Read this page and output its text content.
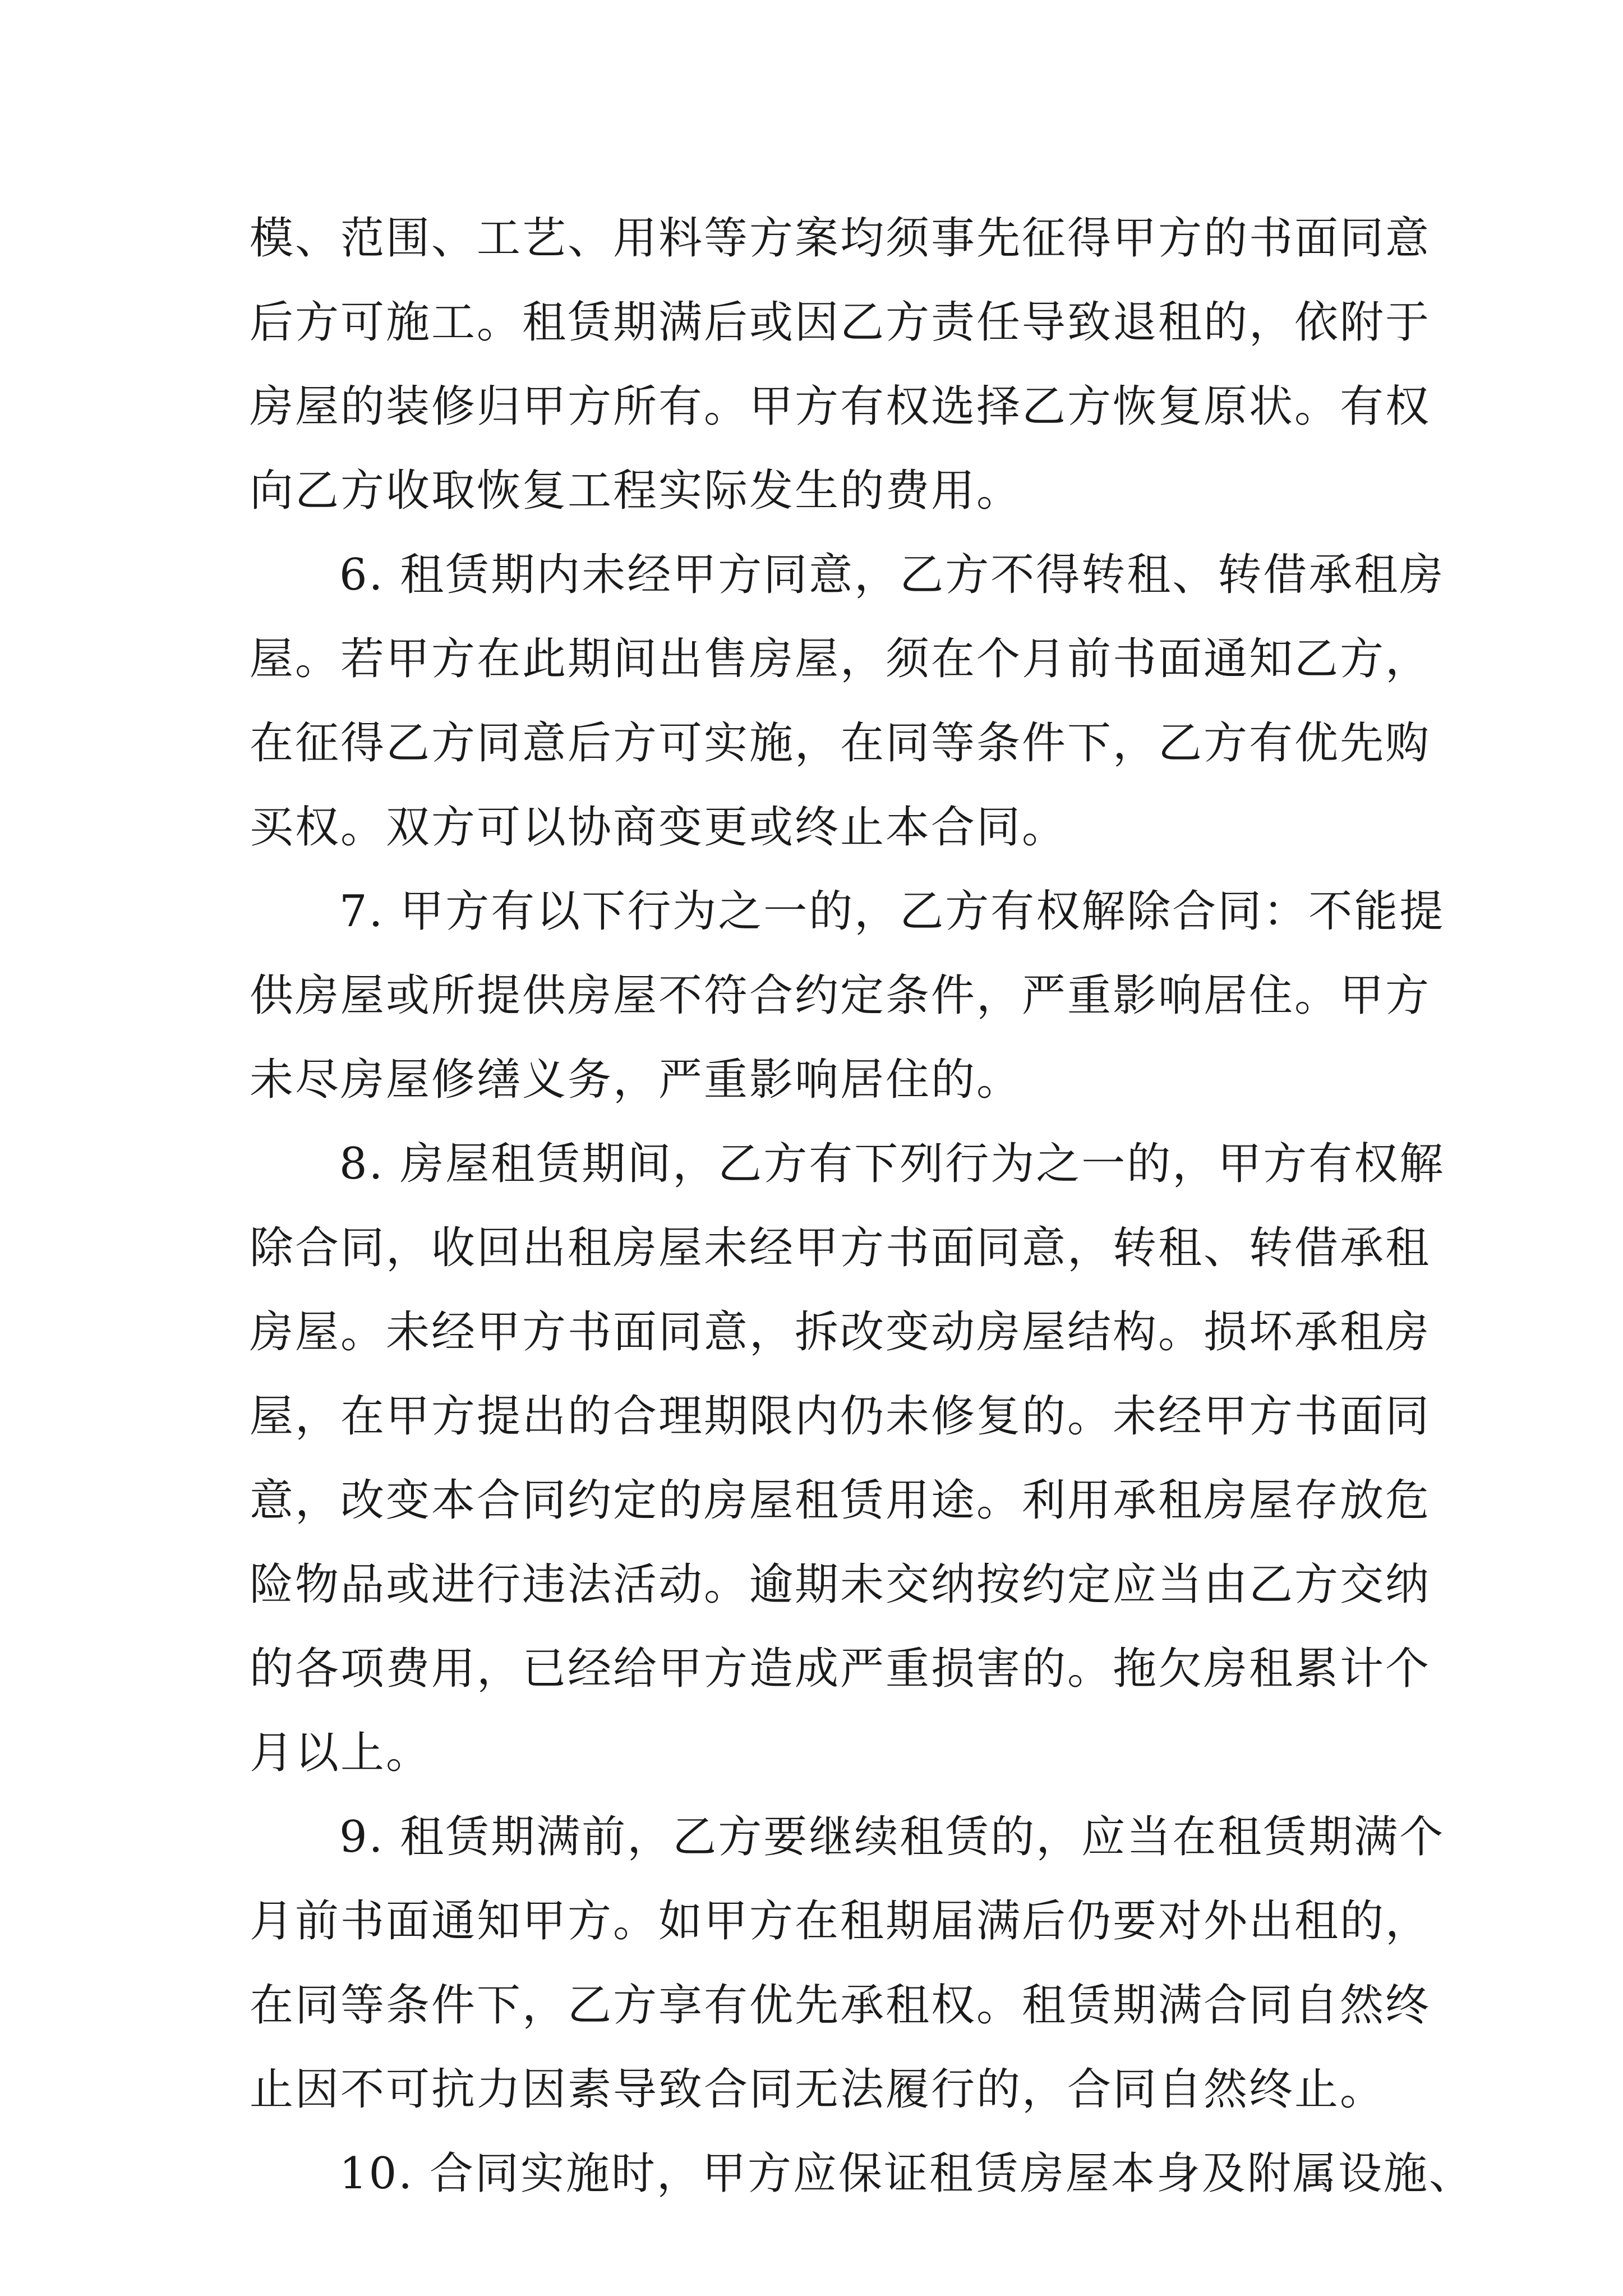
模、范围、工艺、用料等方案均须事先征得甲方的书面同意
后方可施工。租赁期满后或因乙方责任导致退租的，依附于
房屋的装修归甲方所有。甲方有权选择乙方恢复原状。有权
向乙方收取恢复工程实际发生的费用。
6. 租赁期内未经甲方同意，乙方不得转租、转借承租房
屋。若甲方在此期间出售房屋，须在个月前书面通知乙方，
在征得乙方同意后方可实施，在同等条件下，乙方有优先购
买权。双方可以协商变更或终止本合同。
7. 甲方有以下行为之一的，乙方有权解除合同：不能提
供房屋或所提供房屋不符合约定条件，严重影响居住。甲方
未尽房屋修缮义务，严重影响居住的。
8. 房屋租赁期间，乙方有下列行为之一的，甲方有权解
除合同，收回出租房屋未经甲方书面同意，转租、转借承租
房屋。未经甲方书面同意，拆改变动房屋结构。损坏承租房
屋，在甲方提出的合理期限内仍未修复的。未经甲方书面同
意，改变本合同约定的房屋租赁用途。利用承租房屋存放危
险物品或进行违法活动。逾期未交纳按约定应当由乙方交纳
的各项费用，已经给甲方造成严重损害的。拖欠房租累计个
月以上。
9. 租赁期满前，乙方要继续租赁的，应当在租赁期满个
月前书面通知甲方。如甲方在租期届满后仍要对外出租的，
在同等条件下，乙方享有优先承租权。租赁期满合同自然终
止因不可抗力因素导致合同无法履行的，合同自然终止。
10. 合同实施时，甲方应保证租赁房屋本身及附属设施、
